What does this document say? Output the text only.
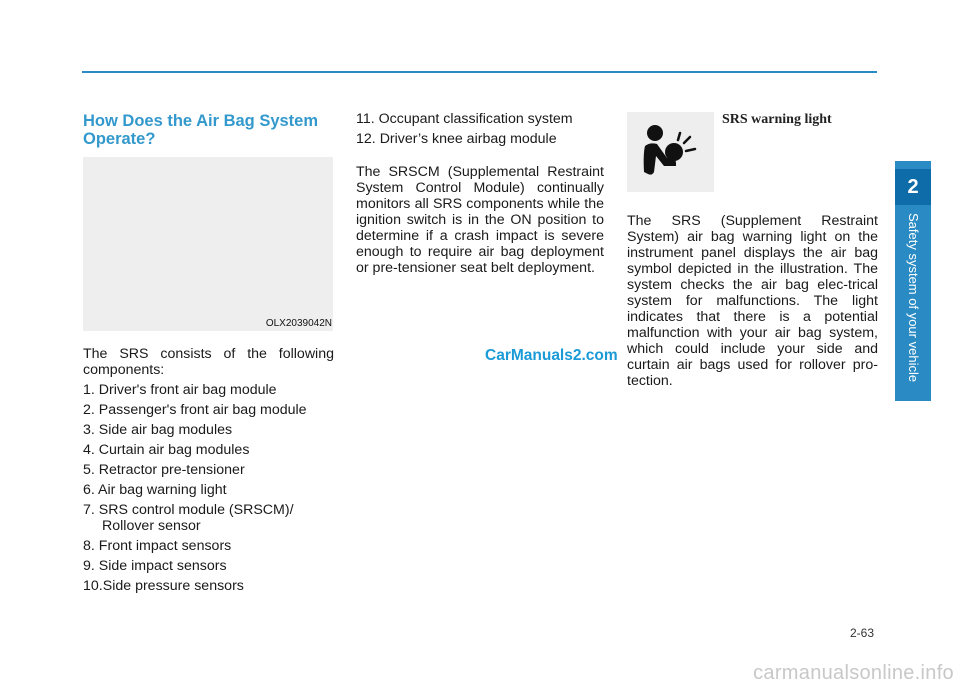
How Does the Air Bag System Operate?
OLX2039042N

The SRS consists of the following components:

1. Driver's front air bag module
2. Passenger's front air bag module
3. Side air bag modules
4. Curtain air bag modules
5. Retractor pre-tensioner
6. Air bag warning light
7. SRS control module (SRSCM)/
Rollover sensor
8. Front impact sensors
9. Side impact sensors
10.Side pressure sensors
11. Occupant classification system
12. Driver’s knee airbag module

The SRSCM (Supplemental Restraint System Control Module) continually monitors all SRS components while the ignition switch is in the ON position to determine if a crash impact is severe enough to require air bag deployment or pre-tensioner seat belt deployment.

SRS warning light

The SRS (Supplement Restraint System) air bag warning light on the instrument panel displays the air bag symbol depicted in the illustration. The system checks the air bag elec-trical system for malfunctions. The light indicates that there is a potential malfunction with your air bag system, which could include your side and curtain air bags used for rollover pro-tection.

CarManuals2.com
2
Safety system of your vehicle
2-63
carmanualsonline.info
